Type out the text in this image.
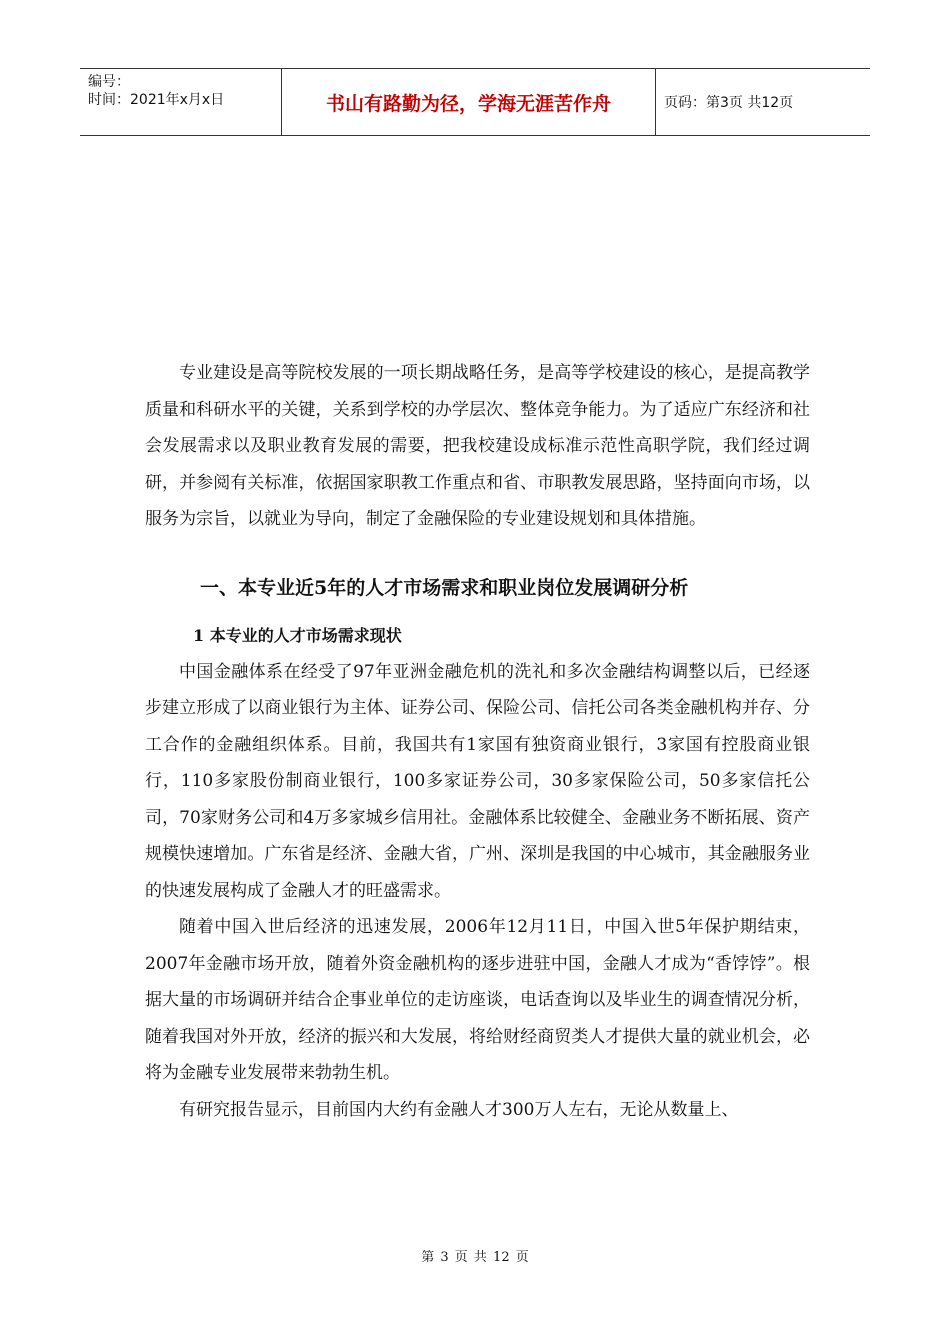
编号：
时间：2021年x月x日	书山有路勤为径，学海无涯苦作舟	页码：第3页 共12页

专业建设是高等院校发展的一项长期战略任务，是高等学校建设的核心，是提高教学质量和科研水平的关键，关系到学校的办学层次、整体竞争能力。为了适应广东经济和社会发展需求以及职业教育发展的需要，把我校建设成标准示范性高职学院，我们经过调研，并参阅有关标准，依据国家职教工作重点和省、市职教发展思路，坚持面向市场，以服务为宗旨，以就业为导向，制定了金融保险的专业建设规划和具体措施。

一、本专业近5年的人才市场需求和职业岗位发展调研分析
1 本专业的人才市场需求现状

中国金融体系在经受了97年亚洲金融危机的洗礼和多次金融结构调整以后，已经逐步建立形成了以商业银行为主体、证券公司、保险公司、信托公司各类金融机构并存、分工合作的金融组织体系。目前，我国共有1家国有独资商业银行，3家国有控股商业银行，110多家股份制商业银行，100多家证券公司，30多家保险公司，50多家信托公司，70家财务公司和4万多家城乡信用社。金融体系比较健全、金融业务不断拓展、资产规模快速增加。广东省是经济、金融大省，广州、深圳是我国的中心城市，其金融服务业的快速发展构成了金融人才的旺盛需求。

随着中国入世后经济的迅速发展，2006年12月11日，中国入世5年保护期结束，2007年金融市场开放，随着外资金融机构的逐步进驻中国，金融人才成为“香饽饽”。根据大量的市场调研并结合企事业单位的走访座谈，电话查询以及毕业生的调查情况分析，随着我国对外开放，经济的振兴和大发展，将给财经商贸类人才提供大量的就业机会，必将为金融专业发展带来勃勃生机。

有研究报告显示，目前国内大约有金融人才300万人左右，无论从数量上、

第 3 页 共 12 页
